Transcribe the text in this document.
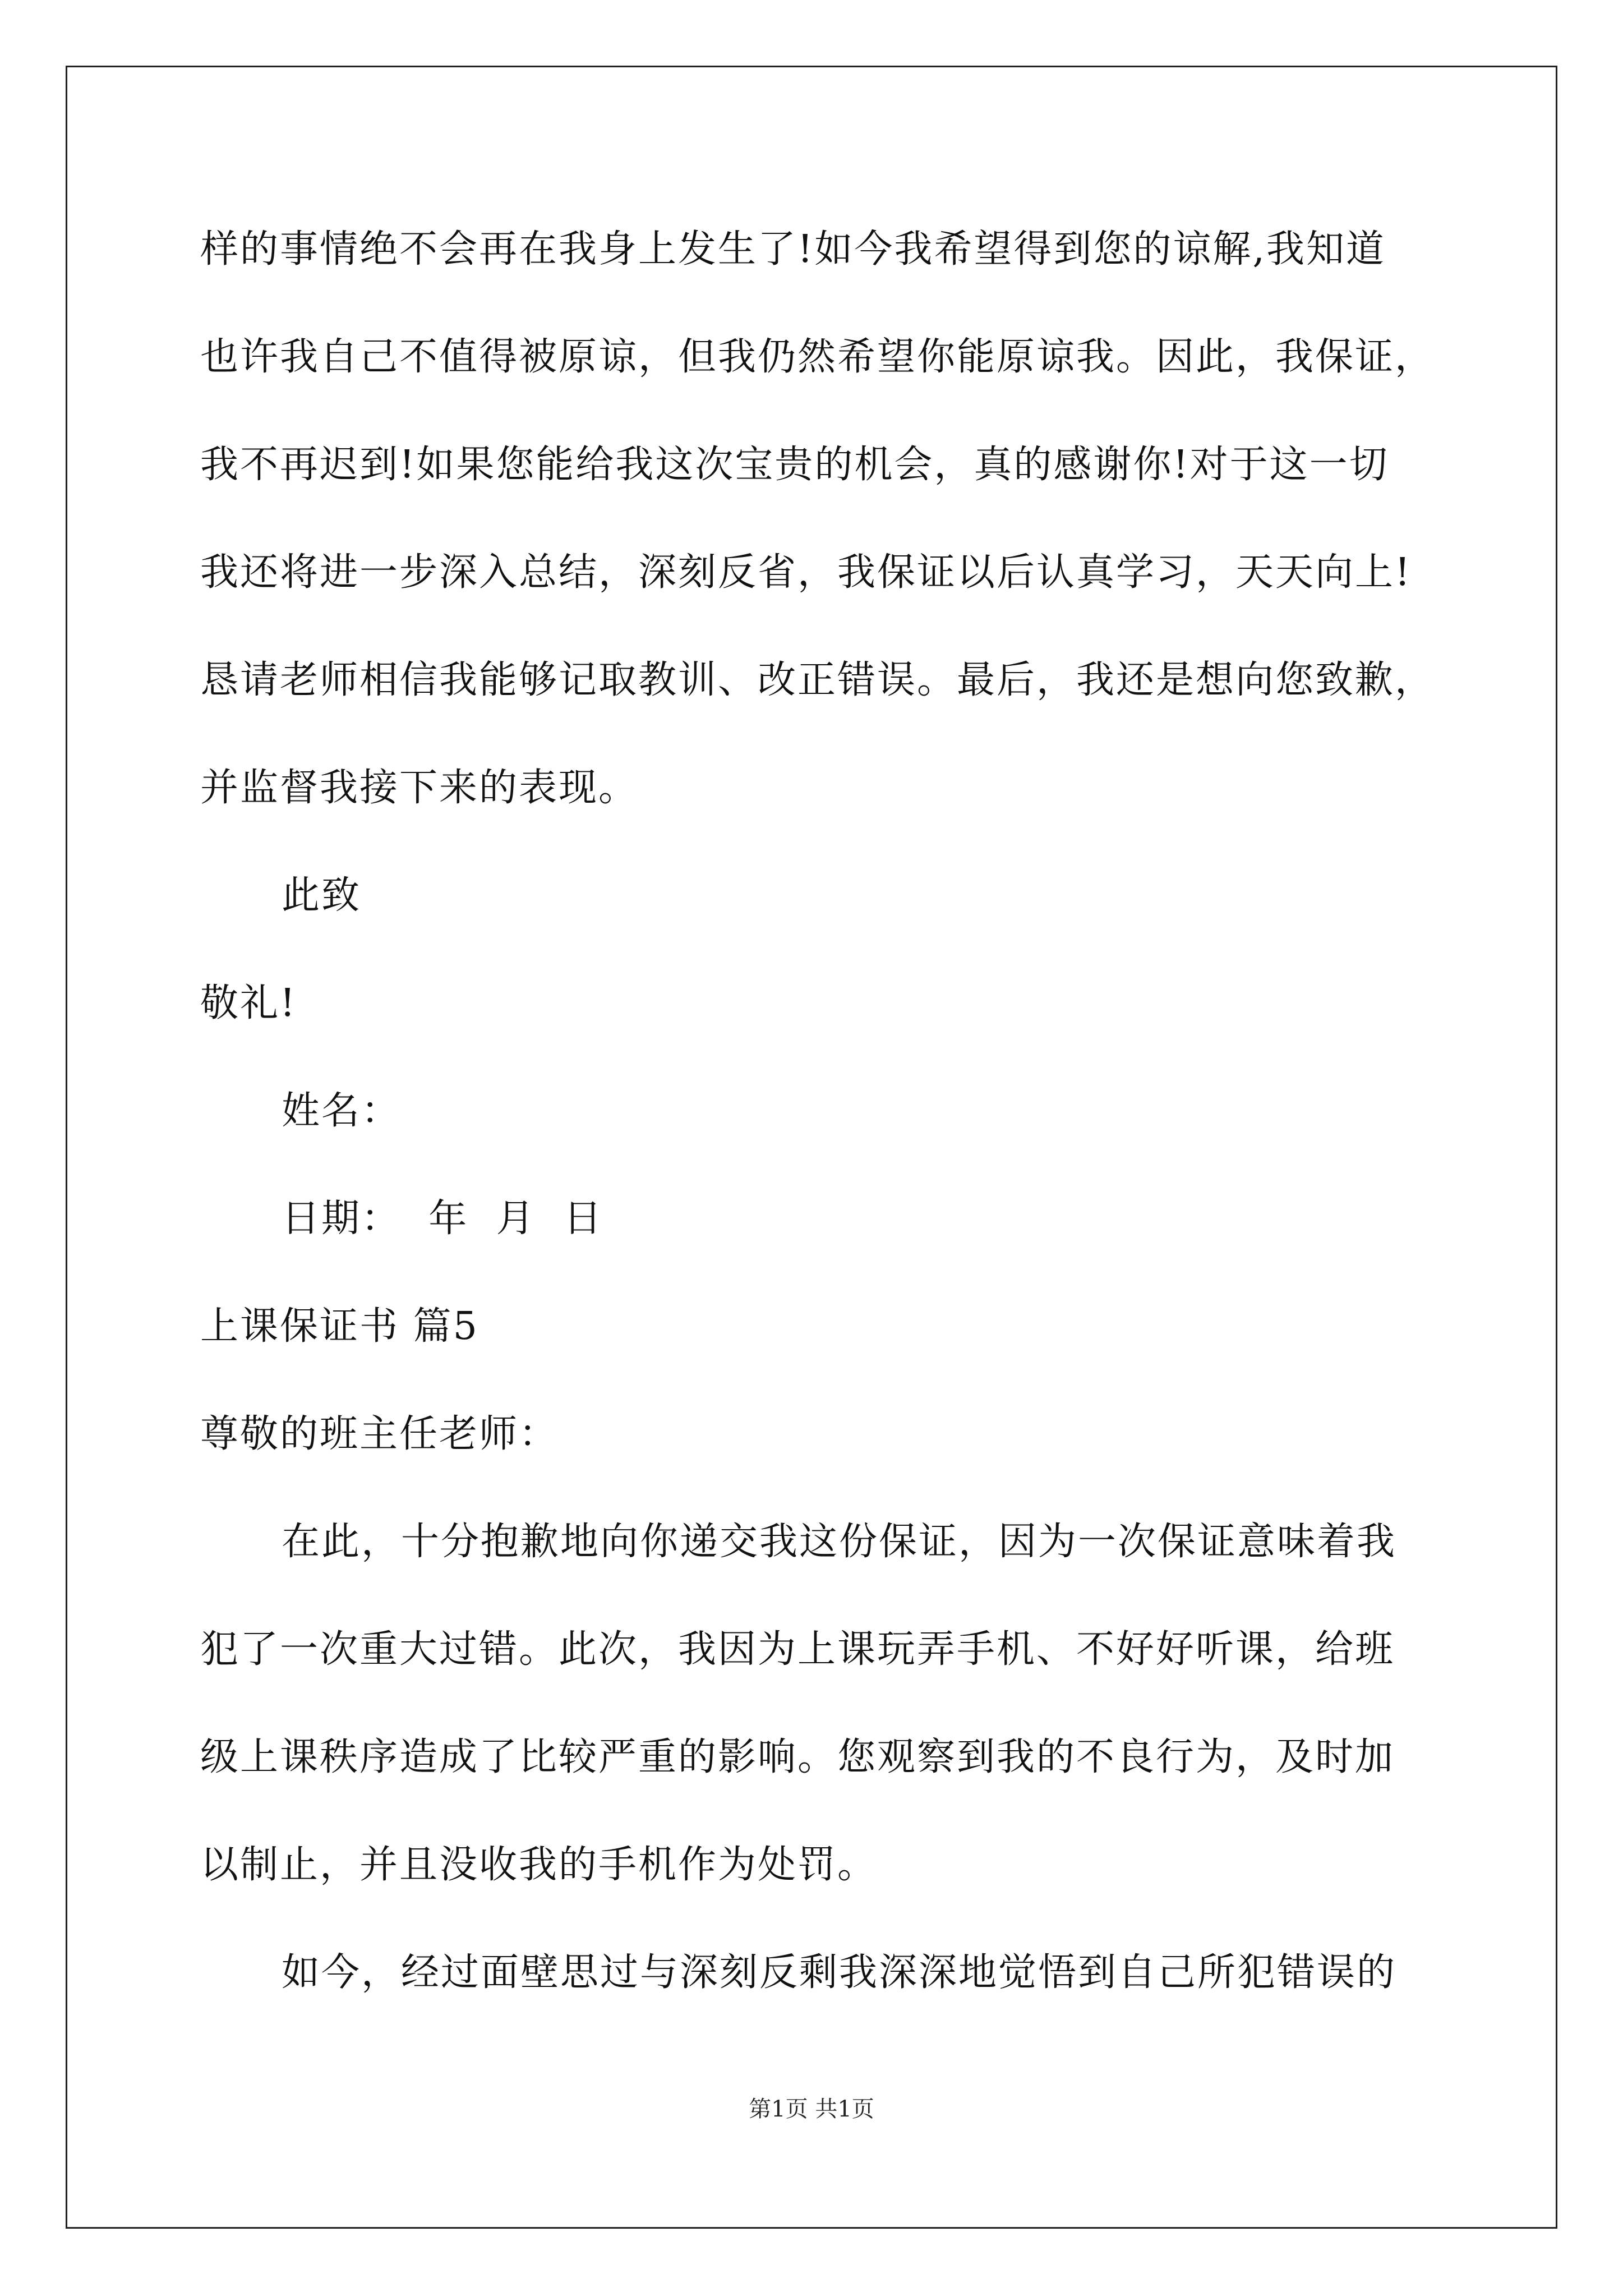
样的事情绝不会再在我身上发生了!如今我希望得到您的谅解,我知道
也许我自己不值得被原谅，但我仍然希望你能原谅我。因此，我保证，
我不再迟到!如果您能给我这次宝贵的机会，真的感谢你!对于这一切
我还将进一步深入总结，深刻反省，我保证以后认真学习，天天向上!
恳请老师相信我能够记取教训、改正错误。最后，我还是想向您致歉，
并监督我接下来的表现。
此致
敬礼!
姓名：
日期：  年  月  日
上课保证书 篇5
尊敬的班主任老师：
在此，十分抱歉地向你递交我这份保证，因为一次保证意味着我
犯了一次重大过错。此次，我因为上课玩弄手机、不好好听课，给班
级上课秩序造成了比较严重的影响。您观察到我的不良行为，及时加
以制止，并且没收我的手机作为处罚。
如今，经过面壁思过与深刻反剩我深深地觉悟到自己所犯错误的
第1页 共1页
